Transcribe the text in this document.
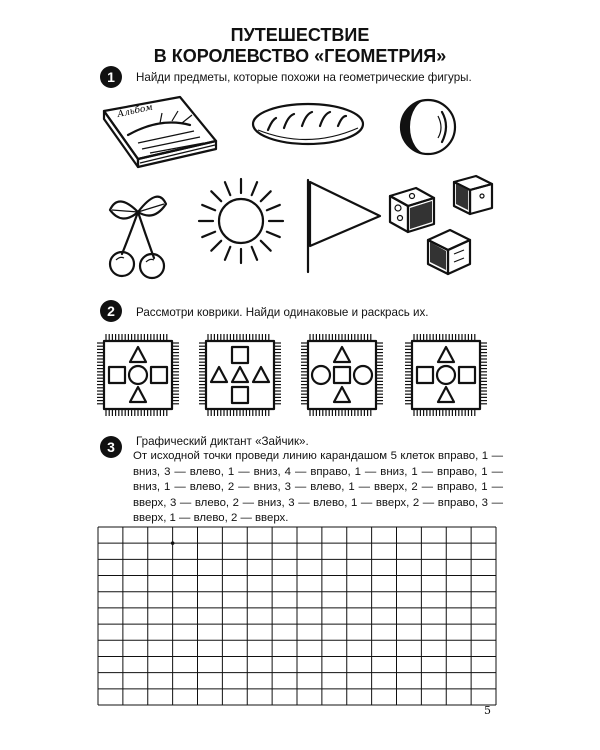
ПУТЕШЕСТВИЕ
В КОРОЛЕВСТВО «ГЕОМЕТРИЯ»
1	Найди предметы, которые похожи на геометрические фигуры.
Альбом
2	Рассмотри коврики. Найди одинаковые и раскрась их.
3	Графический диктант «Зайчик».
От исходной точки проведи линию карандашом 5 клеток вправо, 1 — вниз, 3 — влево, 1 — вниз, 4 — вправо, 1 — вниз, 1 — вправо, 1 — вниз, 1 — влево, 2 — вниз, 3 — влево, 1 — вверх, 2 — вправо, 1 — вверх, 3 — влево, 2 — вниз, 3 — влево, 1 — вверх, 2 — вправо, 3 — вверх, 1 — влево, 2 — вверх.
5
